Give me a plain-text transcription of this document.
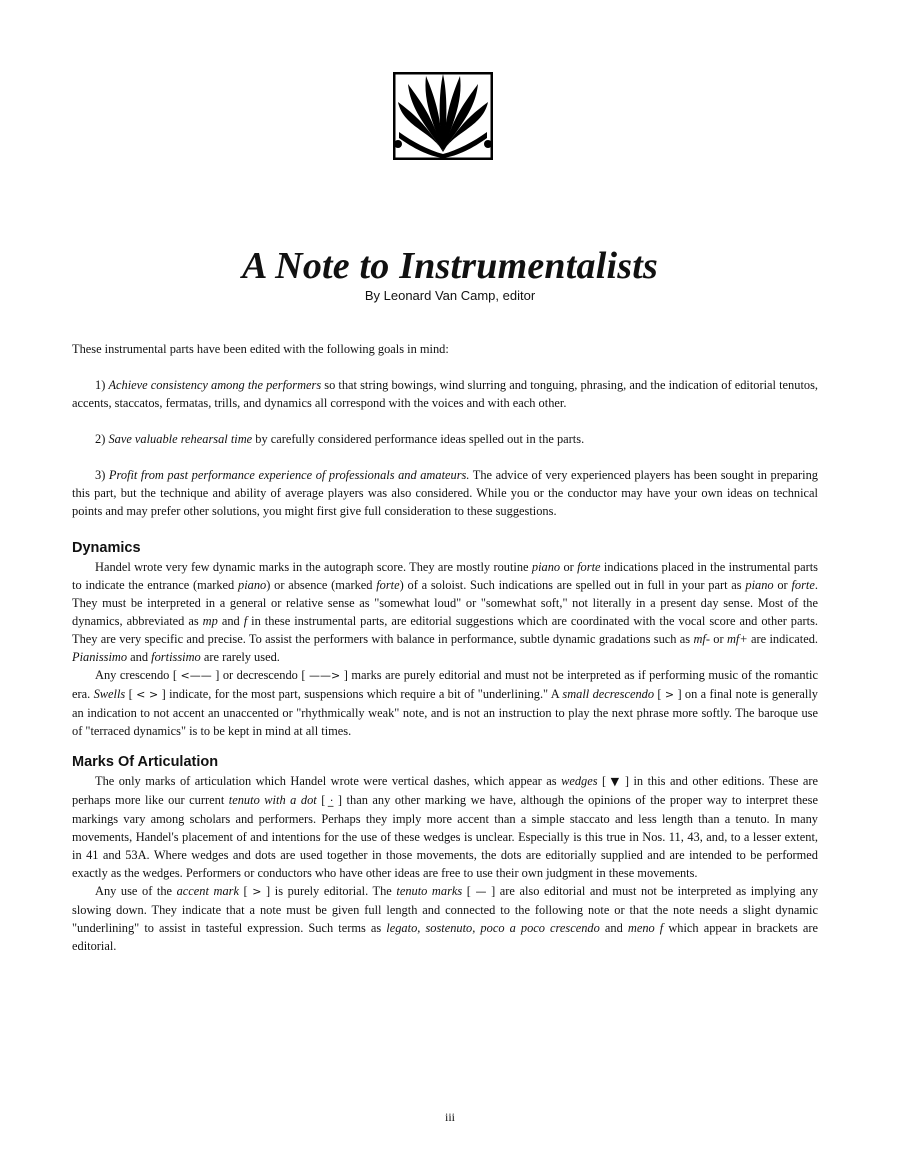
A Note to Instrumentalists
By Leonard Van Camp, editor

These instrumental parts have been edited with the following goals in mind:

1) Achieve consistency among the performers so that string bowings, wind slurring and tonguing, phrasing, and the indication of editorial tenutos, accents, staccatos, fermatas, trills, and dynamics all correspond with the voices and with each other.

2) Save valuable rehearsal time by carefully considered performance ideas spelled out in the parts.

3) Profit from past performance experience of professionals and amateurs. The advice of very experienced players has been sought in preparing this part, but the technique and ability of average players was also considered. While you or the conductor may have your own ideas on technical points and may prefer other solutions, you might first give full consideration to these suggestions.

Dynamics

Handel wrote very few dynamic marks in the autograph score. They are mostly routine piano or forte indications placed in the instrumental parts to indicate the entrance (marked piano) or absence (marked forte) of a soloist. Such indications are spelled out in full in your part as piano or forte. They must be interpreted in a general or relative sense as "somewhat loud" or "somewhat soft," not literally in a present day sense. Most of the dynamics, abbreviated as mp and f in these instrumental parts, are editorial suggestions which are coordinated with the vocal score and other parts. They are very specific and precise. To assist the performers with balance in performance, subtle dynamic gradations such as mf- or mf+ are indicated. Pianissimo and fortissimo are rarely used.

Any crescendo [ <—— ] or decrescendo [ ——> ] marks are purely editorial and must not be interpreted as if performing music of the romantic era. Swells [ < > ] indicate, for the most part, suspensions which require a bit of "underlining." A small decrescendo [ > ] on a final note is generally an indication to not accent an unaccented or "rhythmically weak" note, and is not an instruction to play the next phrase more softly. The baroque use of "terraced dynamics" is to be kept in mind at all times.

Marks Of Articulation

The only marks of articulation which Handel wrote were vertical dashes, which appear as wedges [ ▼ ] in this and other editions. These are perhaps more like our current tenuto with a dot [ ·̲ ] than any other marking we have, although the opinions of the proper way to interpret these markings vary among scholars and performers. Perhaps they imply more accent than a simple staccato and less length than a tenuto. In many movements, Handel's placement of and intentions for the use of these wedges is unclear. Especially is this true in Nos. 11, 43, and, to a lesser extent, in 41 and 53A. Where wedges and dots are used together in those movements, the dots are editorially supplied and are intended to be performed exactly as the wedges. Performers or conductors who have other ideas are free to use their own judgment in these movements.

Any use of the accent mark [ > ] is purely editorial. The tenuto marks [ — ] are also editorial and must not be interpreted as implying any slowing down. They indicate that a note must be given full length and connected to the following note or that the note needs a slight dynamic "underlining" to assist in tasteful expression. Such terms as legato, sostenuto, poco a poco crescendo and meno f which appear in brackets are editorial.

iii
